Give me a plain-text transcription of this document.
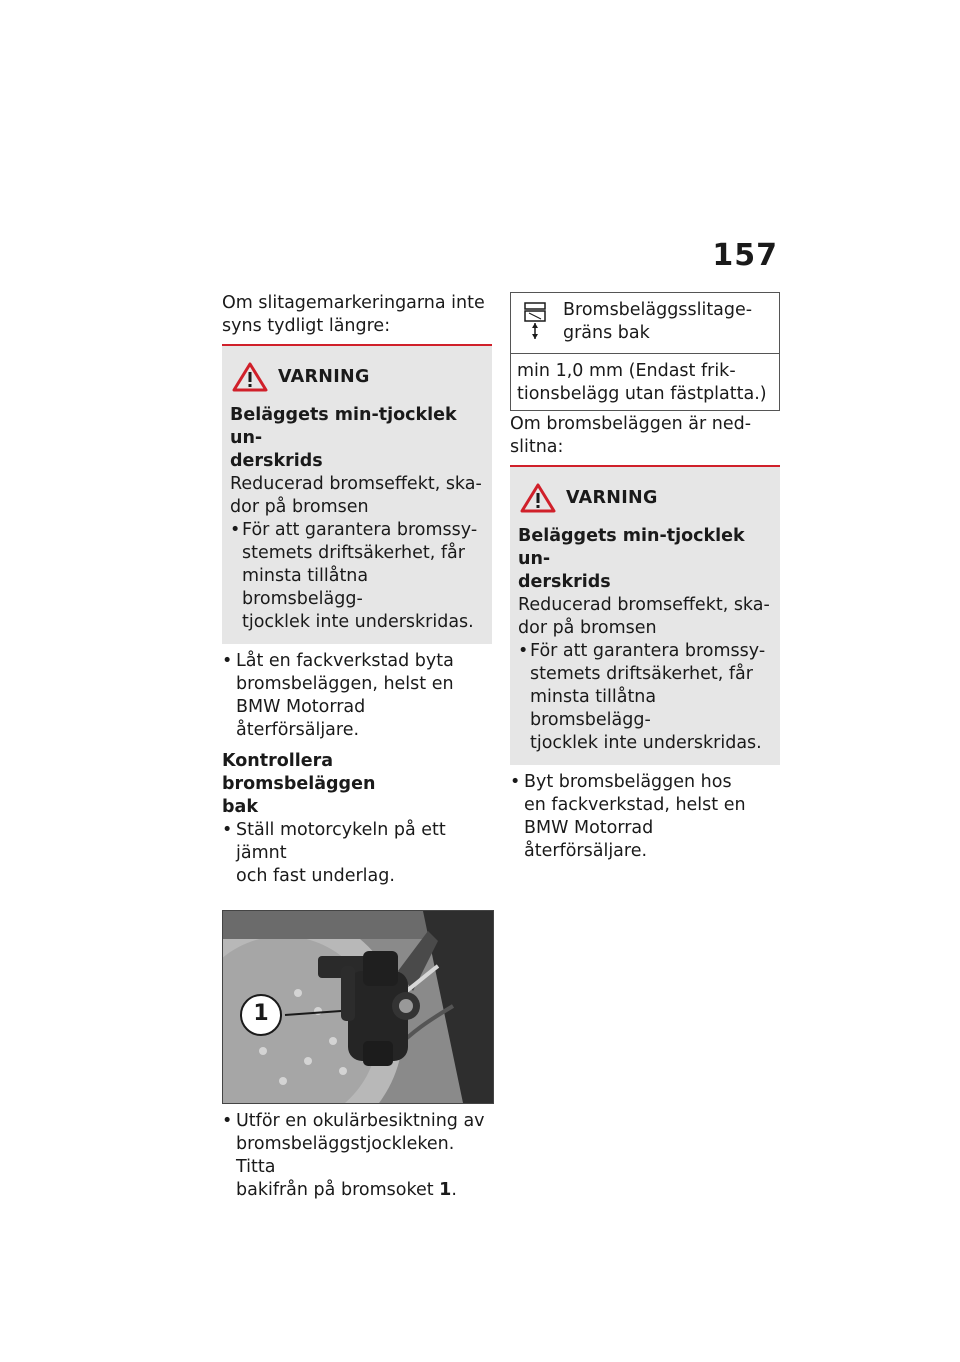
157

Om slitagemarkeringarna inte

syns tydligt längre:

VARNING
Beläggets min-tjocklek un-
derskrids
Reducerad bromseffekt, ska-
dor på bromsen
• För att garantera bromssy-
stemets driftsäkerhet, får
minsta tillåtna bromsbelägg-
tjocklek inte underskridas.
• Låt en fackverkstad byta
bromsbeläggen, helst en
BMW Motorrad återförsäljare.
Kontrollera bromsbeläggen
bak
• Ställ motorcykeln på ett jämnt
och fast underlag.
1
• Utför en okulärbesiktning av
bromsbeläggstjockleken. Titta
bakifrån på bromsoket 1.

Bromsbeläggsslitage-

gräns bak

min 1,0 mm (Endast frik-

tionsbelägg utan fästplatta.)

Om bromsbeläggen är ned-

slitna:

VARNING
Beläggets min-tjocklek un-
derskrids
Reducerad bromseffekt, ska-
dor på bromsen
• För att garantera bromssy-
stemets driftsäkerhet, får
minsta tillåtna bromsbelägg-
tjocklek inte underskridas.
• Byt bromsbeläggen hos
en fackverkstad, helst en
BMW Motorrad återförsäljare.
